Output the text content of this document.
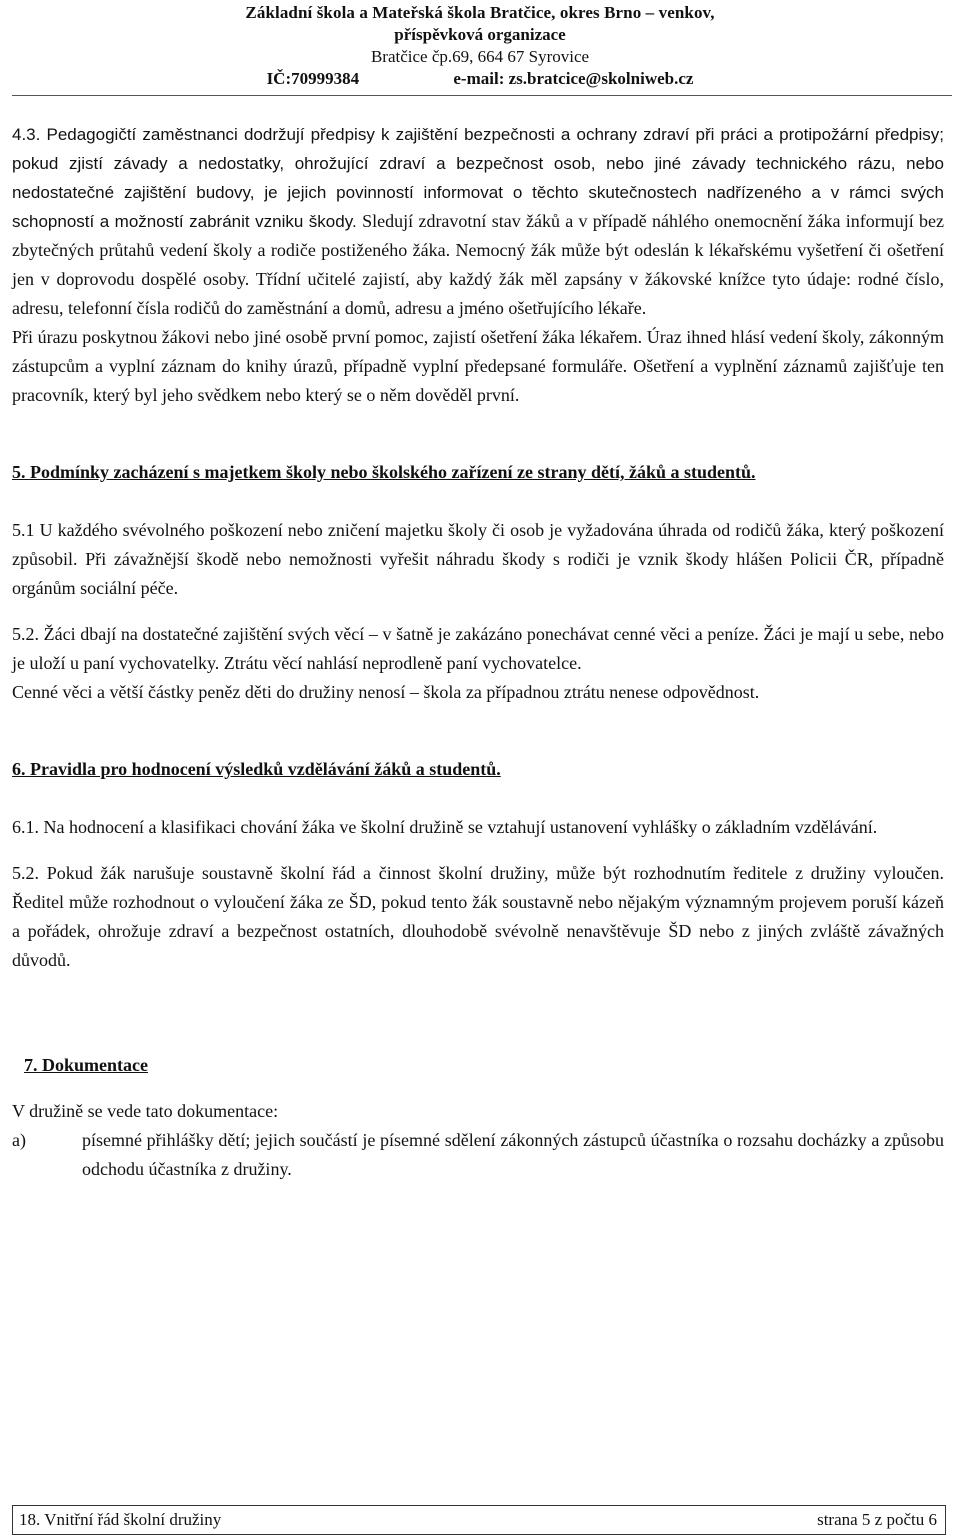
Základní škola a Mateřská škola Bratčice, okres Brno – venkov,
příspěvková organizace
Bratčice čp.69, 664 67 Syrovice
IČ:70999384	e-mail: zs.bratcice@skolniweb.cz

4.3. Pedagogičtí zaměstnanci dodržují předpisy k zajištění bezpečnosti a ochrany zdraví při práci a protipožární předpisy; pokud zjistí závady a nedostatky, ohrožující zdraví a bezpečnost osob, nebo jiné závady technického rázu, nebo nedostatečné zajištění budovy, je jejich povinností informovat o těchto skutečnostech nadřízeného a v rámci svých schopností a možností zabránit vzniku škody. Sledují zdravotní stav žáků a v případě náhlého onemocnění žáka informují bez zbytečných průtahů vedení školy a rodiče postiženého žáka. Nemocný žák může být odeslán k lékařskému vyšetření či ošetření jen v doprovodu dospělé osoby. Třídní učitelé zajistí, aby každý žák měl zapsány v žákovské knížce tyto údaje: rodné číslo, adresu, telefonní čísla rodičů do zaměstnání a domů, adresu a jméno ošetřujícího lékaře.

Při úrazu poskytnou žákovi nebo jiné osobě první pomoc, zajistí ošetření žáka lékařem. Úraz ihned hlásí vedení školy, zákonným zástupcům a vyplní záznam do knihy úrazů, případně vyplní předepsané formuláře. Ošetření a vyplnění záznamů zajišťuje ten pracovník, který byl jeho svědkem nebo který se o něm dověděl první.

5. Podmínky zacházení s majetkem školy nebo školského zařízení ze strany dětí, žáků a studentů.

5.1 U každého svévolného poškození nebo zničení majetku školy či osob je vyžadována úhrada od rodičů žáka, který poškození způsobil. Při závažnější škodě nebo nemožnosti vyřešit náhradu škody s rodiči je vznik škody hlášen Policii ČR, případně orgánům sociální péče.

5.2. Žáci dbají na dostatečné zajištění svých věcí – v šatně je zakázáno ponechávat cenné věci a peníze. Žáci je mají u sebe, nebo je uloží u paní vychovatelky. Ztrátu věcí nahlásí neprodleně paní vychovatelce.

Cenné věci a větší částky peněz děti do družiny nenosí – škola za případnou ztrátu nenese odpovědnost.

6. Pravidla pro hodnocení výsledků vzdělávání žáků a studentů.

6.1. Na hodnocení a klasifikaci chování žáka ve školní družině se vztahují ustanovení vyhlášky o základním vzdělávání.

5.2. Pokud žák narušuje soustavně školní řád a činnost školní družiny, může být rozhodnutím ředitele z družiny vyloučen. Ředitel může rozhodnout o vyloučení žáka ze ŠD, pokud tento žák soustavně nebo nějakým významným projevem poruší kázeň a pořádek, ohrožuje zdraví a bezpečnost ostatních, dlouhodobě svévolně nenavštěvuje ŠD nebo z jiných zvláště závažných důvodů.

7. Dokumentace

V družině se vede tato dokumentace:

a)	písemné přihlášky dětí; jejich součástí je písemné sdělení zákonných zástupců účastníka o rozsahu docházky a způsobu odchodu účastníka z družiny.
18. Vnitřní řád školní družiny	strana 5 z počtu 6
